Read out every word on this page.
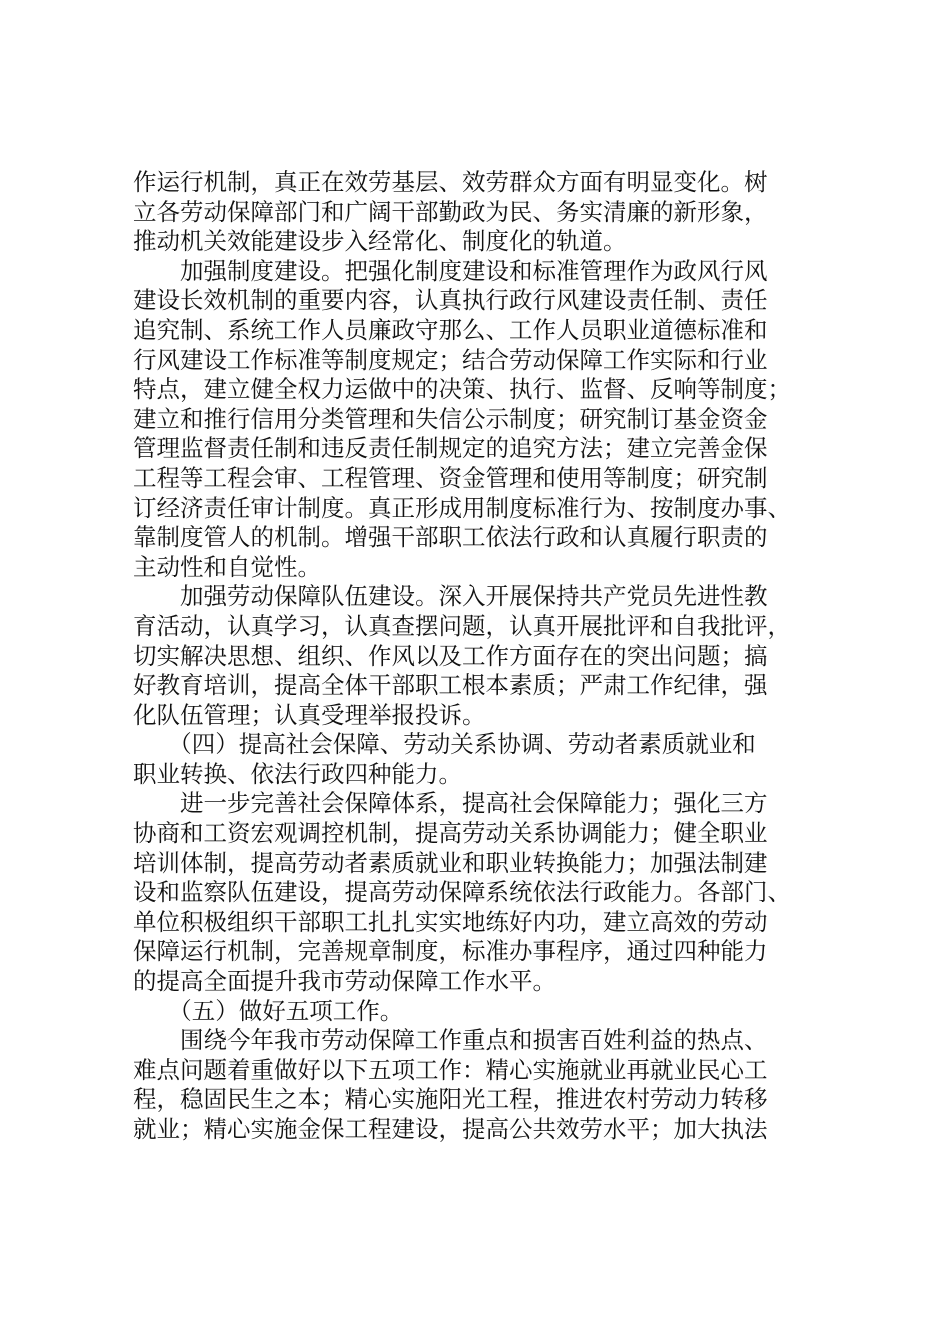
作运行机制，真正在效劳基层、效劳群众方面有明显变化。树
立各劳动保障部门和广阔干部勤政为民、务实清廉的新形象，
推动机关效能建设步入经常化、制度化的轨道。
　　加强制度建设。把强化制度建设和标准管理作为政风行风
建设长效机制的重要内容，认真执行政行风建设责任制、责任
追究制、系统工作人员廉政守那么、工作人员职业道德标准和
行风建设工作标准等制度规定；结合劳动保障工作实际和行业
特点，建立健全权力运做中的决策、执行、监督、反响等制度；
建立和推行信用分类管理和失信公示制度；研究制订基金资金
管理监督责任制和违反责任制规定的追究方法；建立完善金保
工程等工程会审、工程管理、资金管理和使用等制度；研究制
订经济责任审计制度。真正形成用制度标准行为、按制度办事、
靠制度管人的机制。增强干部职工依法行政和认真履行职责的
主动性和自觉性。
　　加强劳动保障队伍建设。深入开展保持共产党员先进性教
育活动，认真学习，认真查摆问题，认真开展批评和自我批评，
切实解决思想、组织、作风以及工作方面存在的突出问题；搞
好教育培训，提高全体干部职工根本素质；严肃工作纪律，强
化队伍管理；认真受理举报投诉。
　　（四）提高社会保障、劳动关系协调、劳动者素质就业和
职业转换、依法行政四种能力。
　　进一步完善社会保障体系，提高社会保障能力；强化三方
协商和工资宏观调控机制，提高劳动关系协调能力；健全职业
培训体制，提高劳动者素质就业和职业转换能力；加强法制建
设和监察队伍建设，提高劳动保障系统依法行政能力。各部门、
单位积极组织干部职工扎扎实实地练好内功，建立高效的劳动
保障运行机制，完善规章制度，标准办事程序，通过四种能力
的提高全面提升我市劳动保障工作水平。
　　（五）做好五项工作。
　　围绕今年我市劳动保障工作重点和损害百姓利益的热点、
难点问题着重做好以下五项工作：精心实施就业再就业民心工
程，稳固民生之本；精心实施阳光工程，推进农村劳动力转移
就业；精心实施金保工程建设，提高公共效劳水平；加大执法
